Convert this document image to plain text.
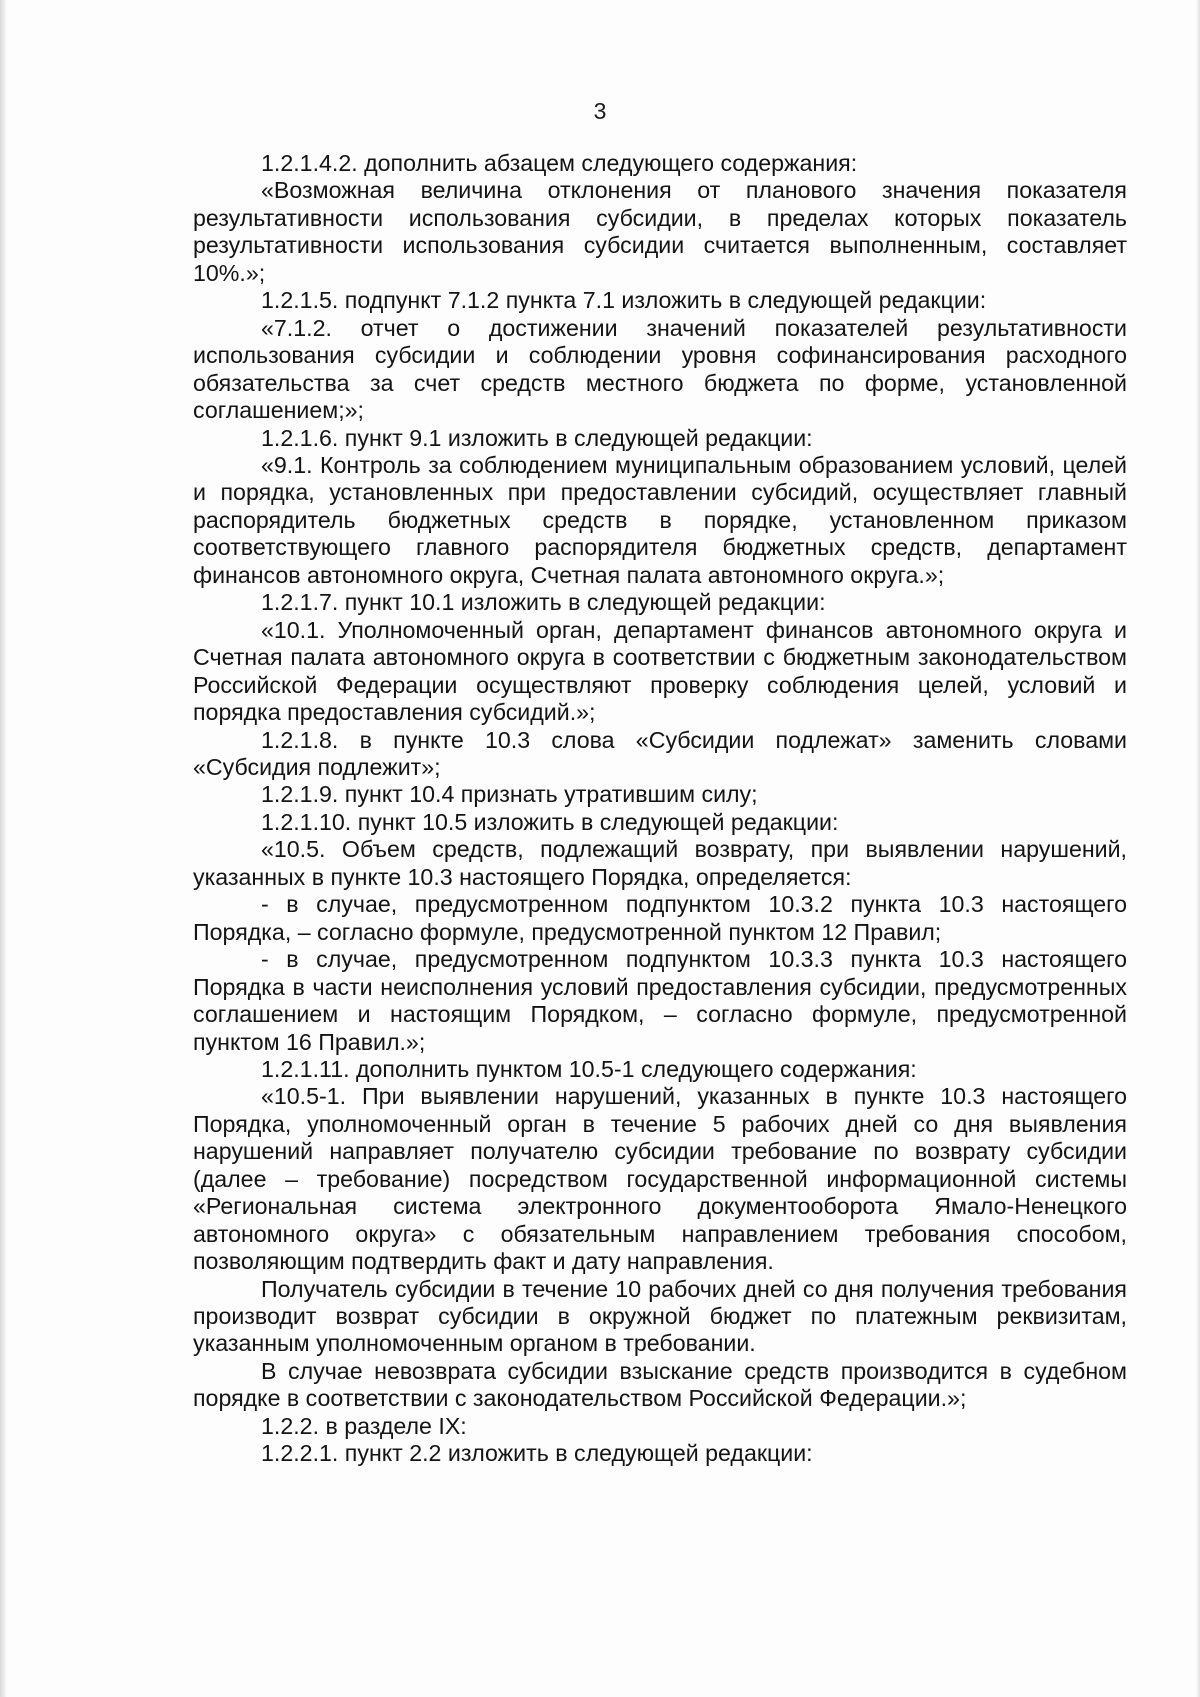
3

1.2.1.4.2. дополнить абзацем следующего содержания:

«Возможная величина отклонения от планового значения показателя результативности использования субсидии, в пределах которых показатель результативности использования субсидии считается выполненным, составляет 10%.»;

1.2.1.5. подпункт 7.1.2 пункта 7.1 изложить в следующей редакции:

«7.1.2. отчет о достижении значений показателей результативности использования субсидии и соблюдении уровня софинансирования расходного обязательства за счет средств местного бюджета по форме, установленной соглашением;»;

1.2.1.6. пункт 9.1 изложить в следующей редакции:

«9.1. Контроль за соблюдением муниципальным образованием условий, целей и порядка, установленных при предоставлении субсидий, осуществляет главный распорядитель бюджетных средств в порядке, установленном приказом соответствующего главного распорядителя бюджетных средств, департамент финансов автономного округа, Счетная палата автономного округа.»;

1.2.1.7. пункт 10.1 изложить в следующей редакции:

«10.1. Уполномоченный орган, департамент финансов автономного округа и Счетная палата автономного округа в соответствии с бюджетным законодательством Российской Федерации осуществляют проверку соблюдения целей, условий и порядка предоставления субсидий.»;

1.2.1.8. в пункте 10.3 слова «Субсидии подлежат» заменить словами «Субсидия подлежит»;

1.2.1.9. пункт 10.4 признать утратившим силу;

1.2.1.10. пункт 10.5 изложить в следующей редакции:

«10.5. Объем средств, подлежащий возврату, при выявлении нарушений, указанных в пункте 10.3 настоящего Порядка, определяется:

- в случае, предусмотренном подпунктом 10.3.2 пункта 10.3 настоящего Порядка, – согласно формуле, предусмотренной пунктом 12 Правил;

- в случае, предусмотренном подпунктом 10.3.3 пункта 10.3 настоящего Порядка в части неисполнения условий предоставления субсидии, предусмотренных соглашением и настоящим Порядком, – согласно формуле, предусмотренной пунктом 16 Правил.»;

1.2.1.11. дополнить пунктом 10.5-1 следующего содержания:

«10.5-1. При выявлении нарушений, указанных в пункте 10.3 настоящего Порядка, уполномоченный орган в течение 5 рабочих дней со дня выявления нарушений направляет получателю субсидии требование по возврату субсидии (далее – требование) посредством государственной информационной системы «Региональная система электронного документооборота Ямало-Ненецкого автономного округа» с обязательным направлением требования способом, позволяющим подтвердить факт и дату направления.

Получатель субсидии в течение 10 рабочих дней со дня получения требования производит возврат субсидии в окружной бюджет по платежным реквизитам, указанным уполномоченным органом в требовании.

В случае невозврата субсидии взыскание средств производится в судебном порядке в соответствии с законодательством Российской Федерации.»;

1.2.2. в разделе IX:

1.2.2.1. пункт 2.2 изложить в следующей редакции:
